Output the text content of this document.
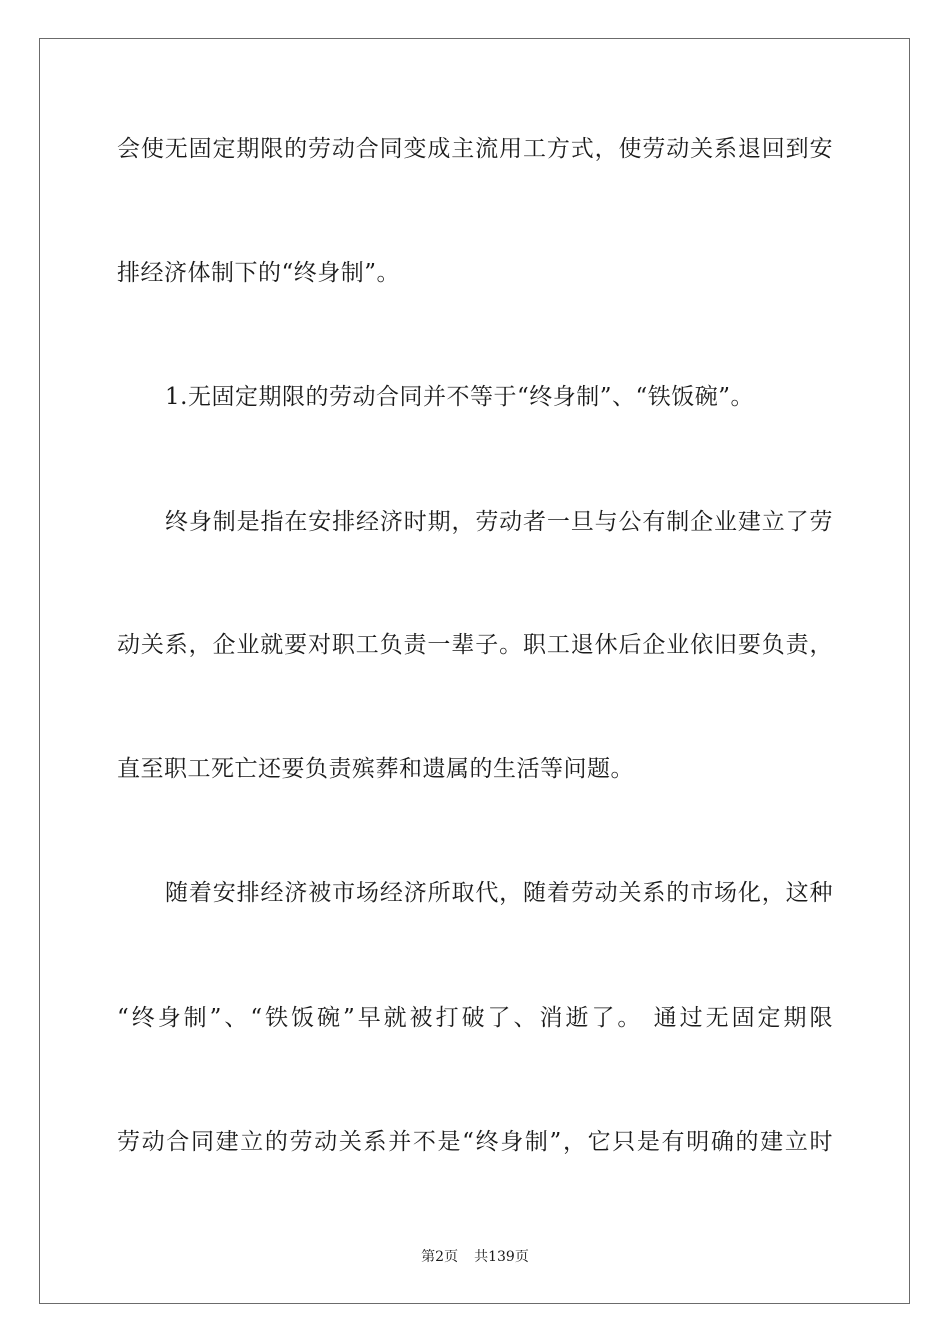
会使无固定期限的劳动合同变成主流用工方式，使劳动关系退回到安
排经济体制下的“终身制”。
1.无固定期限的劳动合同并不等于“终身制”、“铁饭碗”。
终身制是指在安排经济时期，劳动者一旦与公有制企业建立了劳
动关系，企业就要对职工负责一辈子。职工退休后企业依旧要负责，
直至职工死亡还要负责殡葬和遗属的生活等问题。
随着安排经济被市场经济所取代，随着劳动关系的市场化，这种
“终身制”、“铁饭碗”早就被打破了、消逝了。 通过无固定期限
劳动合同建立的劳动关系并不是“终身制”，它只是有明确的建立时
第2页 共139页
